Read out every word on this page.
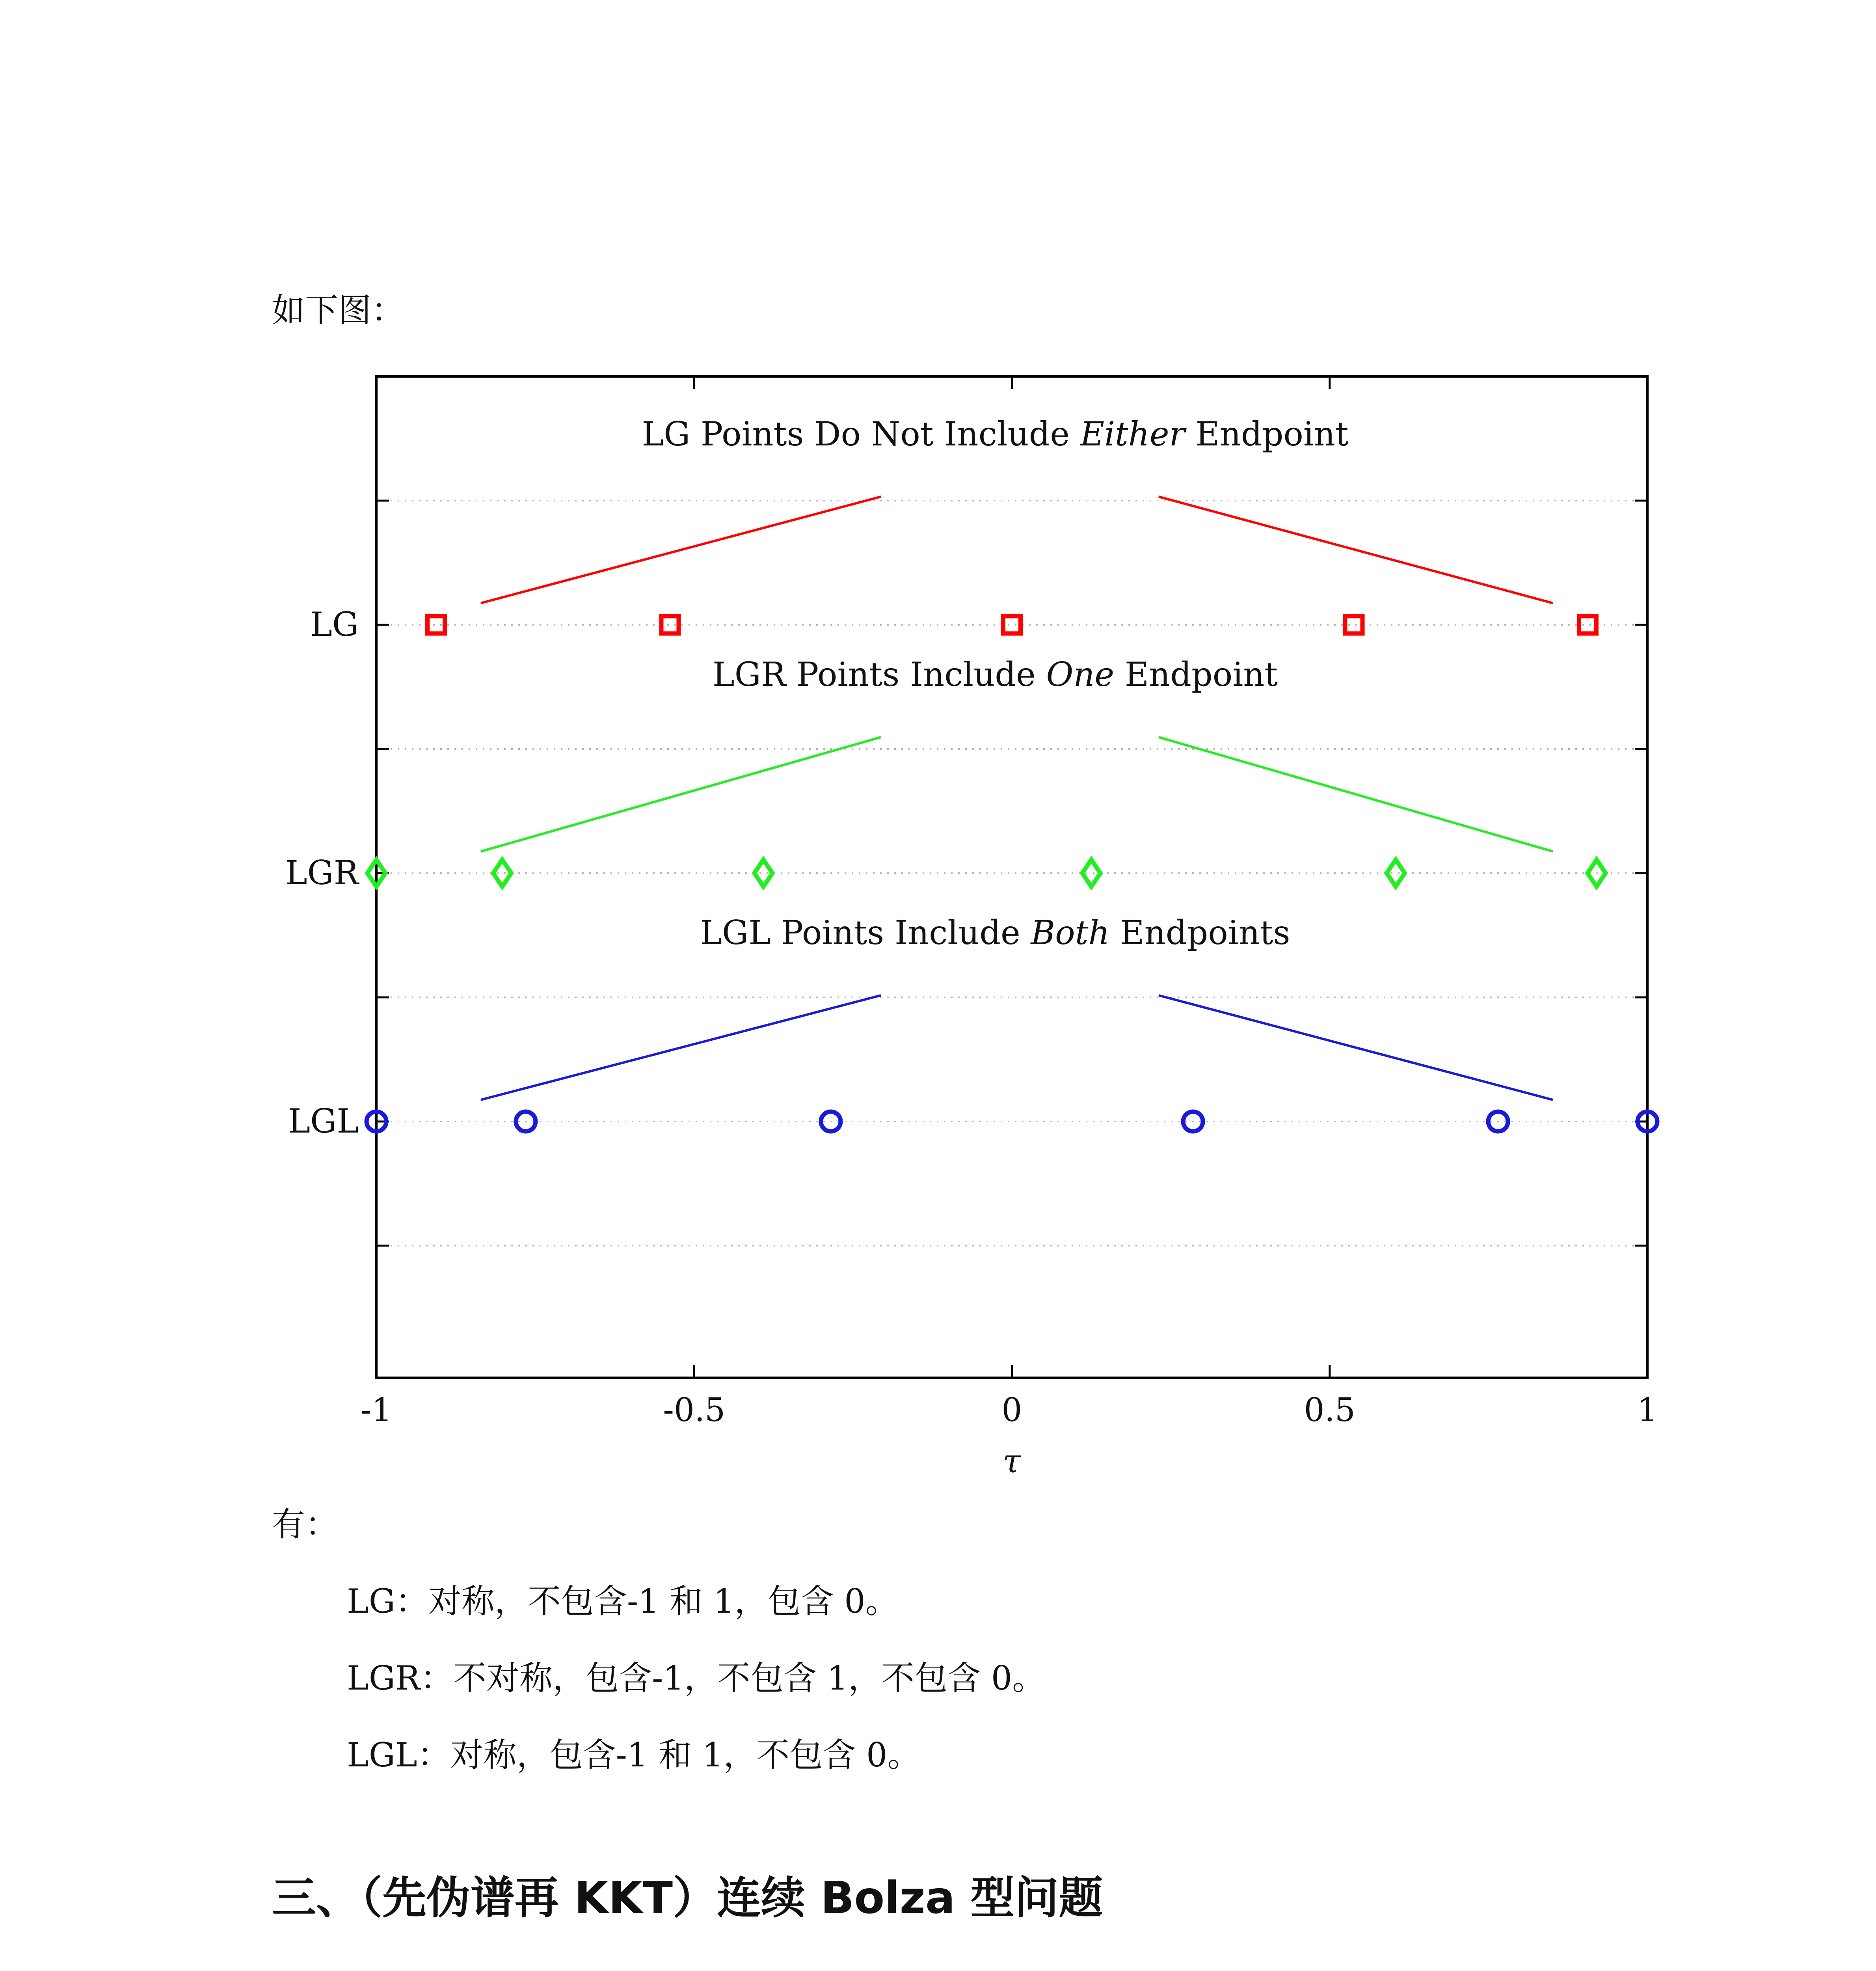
如下图：
-1	-0.5	0	0.5	1
LG
LG Points Do Not Include Either Endpoint
LGR
LGR Points Include One Endpoint
LGL
LGL Points Include Both Endpoints
τ
有：
LG：对称，不包含-1 和 1，包含 0。
LGR：不对称，包含-1，不包含 1，不包含 0。
LGL：对称，包含-1 和 1，不包含 0。
三、（先伪谱再 KKT）连续 Bolza 型问题
